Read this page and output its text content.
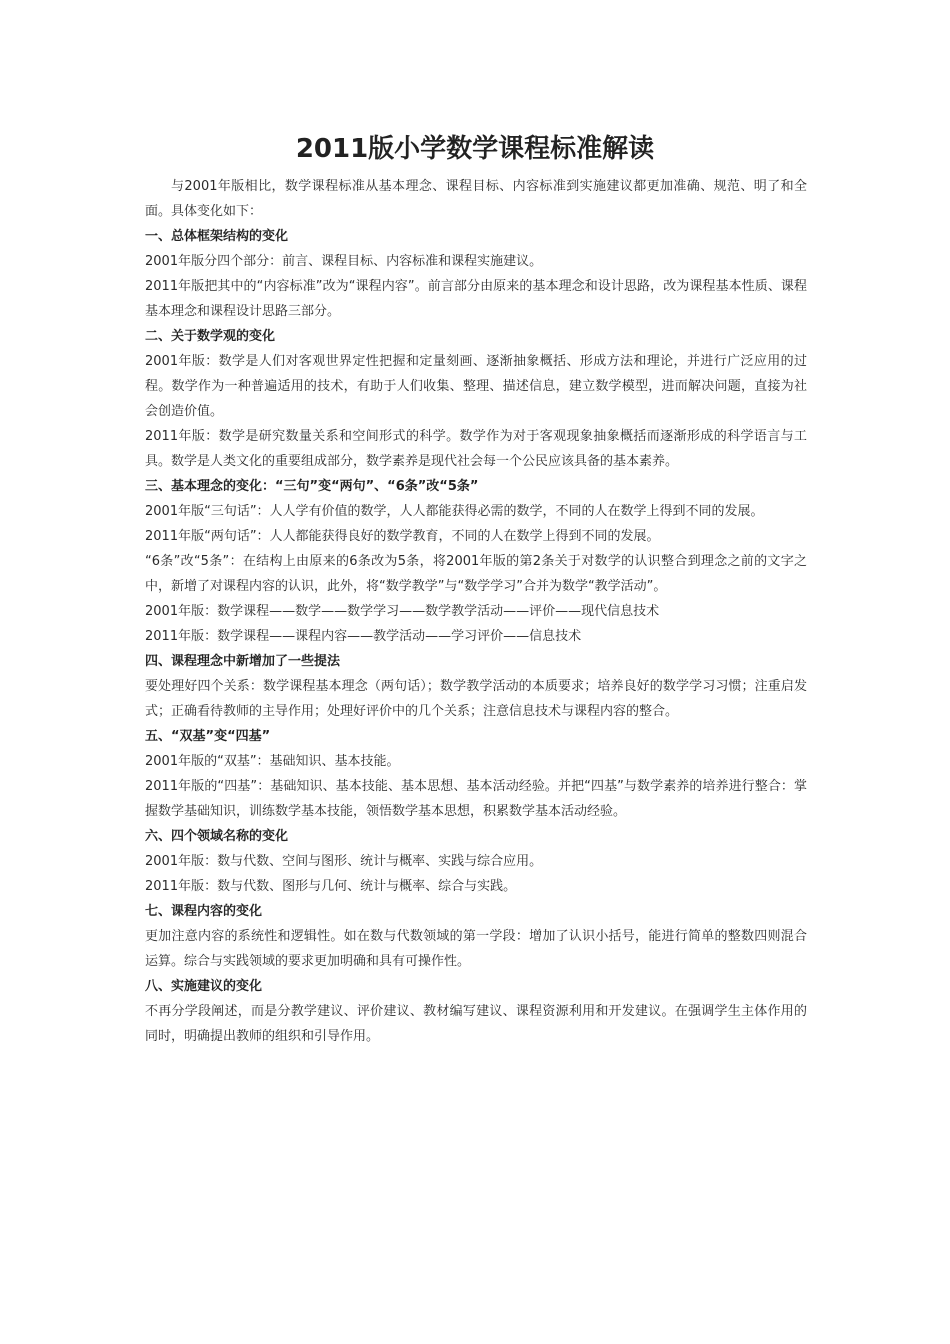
2011版小学数学课程标准解读

与2001年版相比，数学课程标准从基本理念、课程目标、内容标准到实施建议都更加准确、规范、明了和全面。具体变化如下：

一、总体框架结构的变化

2001年版分四个部分：前言、课程目标、内容标准和课程实施建议。

2011年版把其中的“内容标准”改为“课程内容”。前言部分由原来的基本理念和设计思路，改为课程基本性质、课程基本理念和课程设计思路三部分。

二、关于数学观的变化

2001年版：数学是人们对客观世界定性把握和定量刻画、逐渐抽象概括、形成方法和理论，并进行广泛应用的过程。数学作为一种普遍适用的技术，有助于人们收集、整理、描述信息，建立数学模型，进而解决问题，直接为社会创造价值。

2011年版：数学是研究数量关系和空间形式的科学。数学作为对于客观现象抽象概括而逐渐形成的科学语言与工具。数学是人类文化的重要组成部分，数学素养是现代社会每一个公民应该具备的基本素养。

三、基本理念的变化：“三句”变“两句”、“6条”改“5条”

2001年版“三句话”：人人学有价值的数学，人人都能获得必需的数学，不同的人在数学上得到不同的发展。

2011年版“两句话”：人人都能获得良好的数学教育，不同的人在数学上得到不同的发展。

“6条”改“5条”：在结构上由原来的6条改为5条，将2001年版的第2条关于对数学的认识整合到理念之前的文字之中，新增了对课程内容的认识，此外，将“数学教学”与“数学学习”合并为数学“教学活动”。

2001年版：数学课程——数学——数学学习——数学教学活动——评价——现代信息技术

2011年版：数学课程——课程内容——教学活动——学习评价——信息技术

四、课程理念中新增加了一些提法

要处理好四个关系：数学课程基本理念（两句话）；数学教学活动的本质要求；培养良好的数学学习习惯；注重启发式；正确看待教师的主导作用；处理好评价中的几个关系；注意信息技术与课程内容的整合。

五、“双基”变“四基”

2001年版的“双基”：基础知识、基本技能。

2011年版的“四基”：基础知识、基本技能、基本思想、基本活动经验。并把“四基”与数学素养的培养进行整合：掌握数学基础知识，训练数学基本技能，领悟数学基本思想，积累数学基本活动经验。

六、四个领域名称的变化

2001年版：数与代数、空间与图形、统计与概率、实践与综合应用。

2011年版：数与代数、图形与几何、统计与概率、综合与实践。

七、课程内容的变化

更加注意内容的系统性和逻辑性。如在数与代数领域的第一学段：增加了认识小括号，能进行简单的整数四则混合运算。综合与实践领域的要求更加明确和具有可操作性。

八、实施建议的变化

不再分学段阐述，而是分教学建议、评价建议、教材编写建议、课程资源利用和开发建议。在强调学生主体作用的同时，明确提出教师的组织和引导作用。
